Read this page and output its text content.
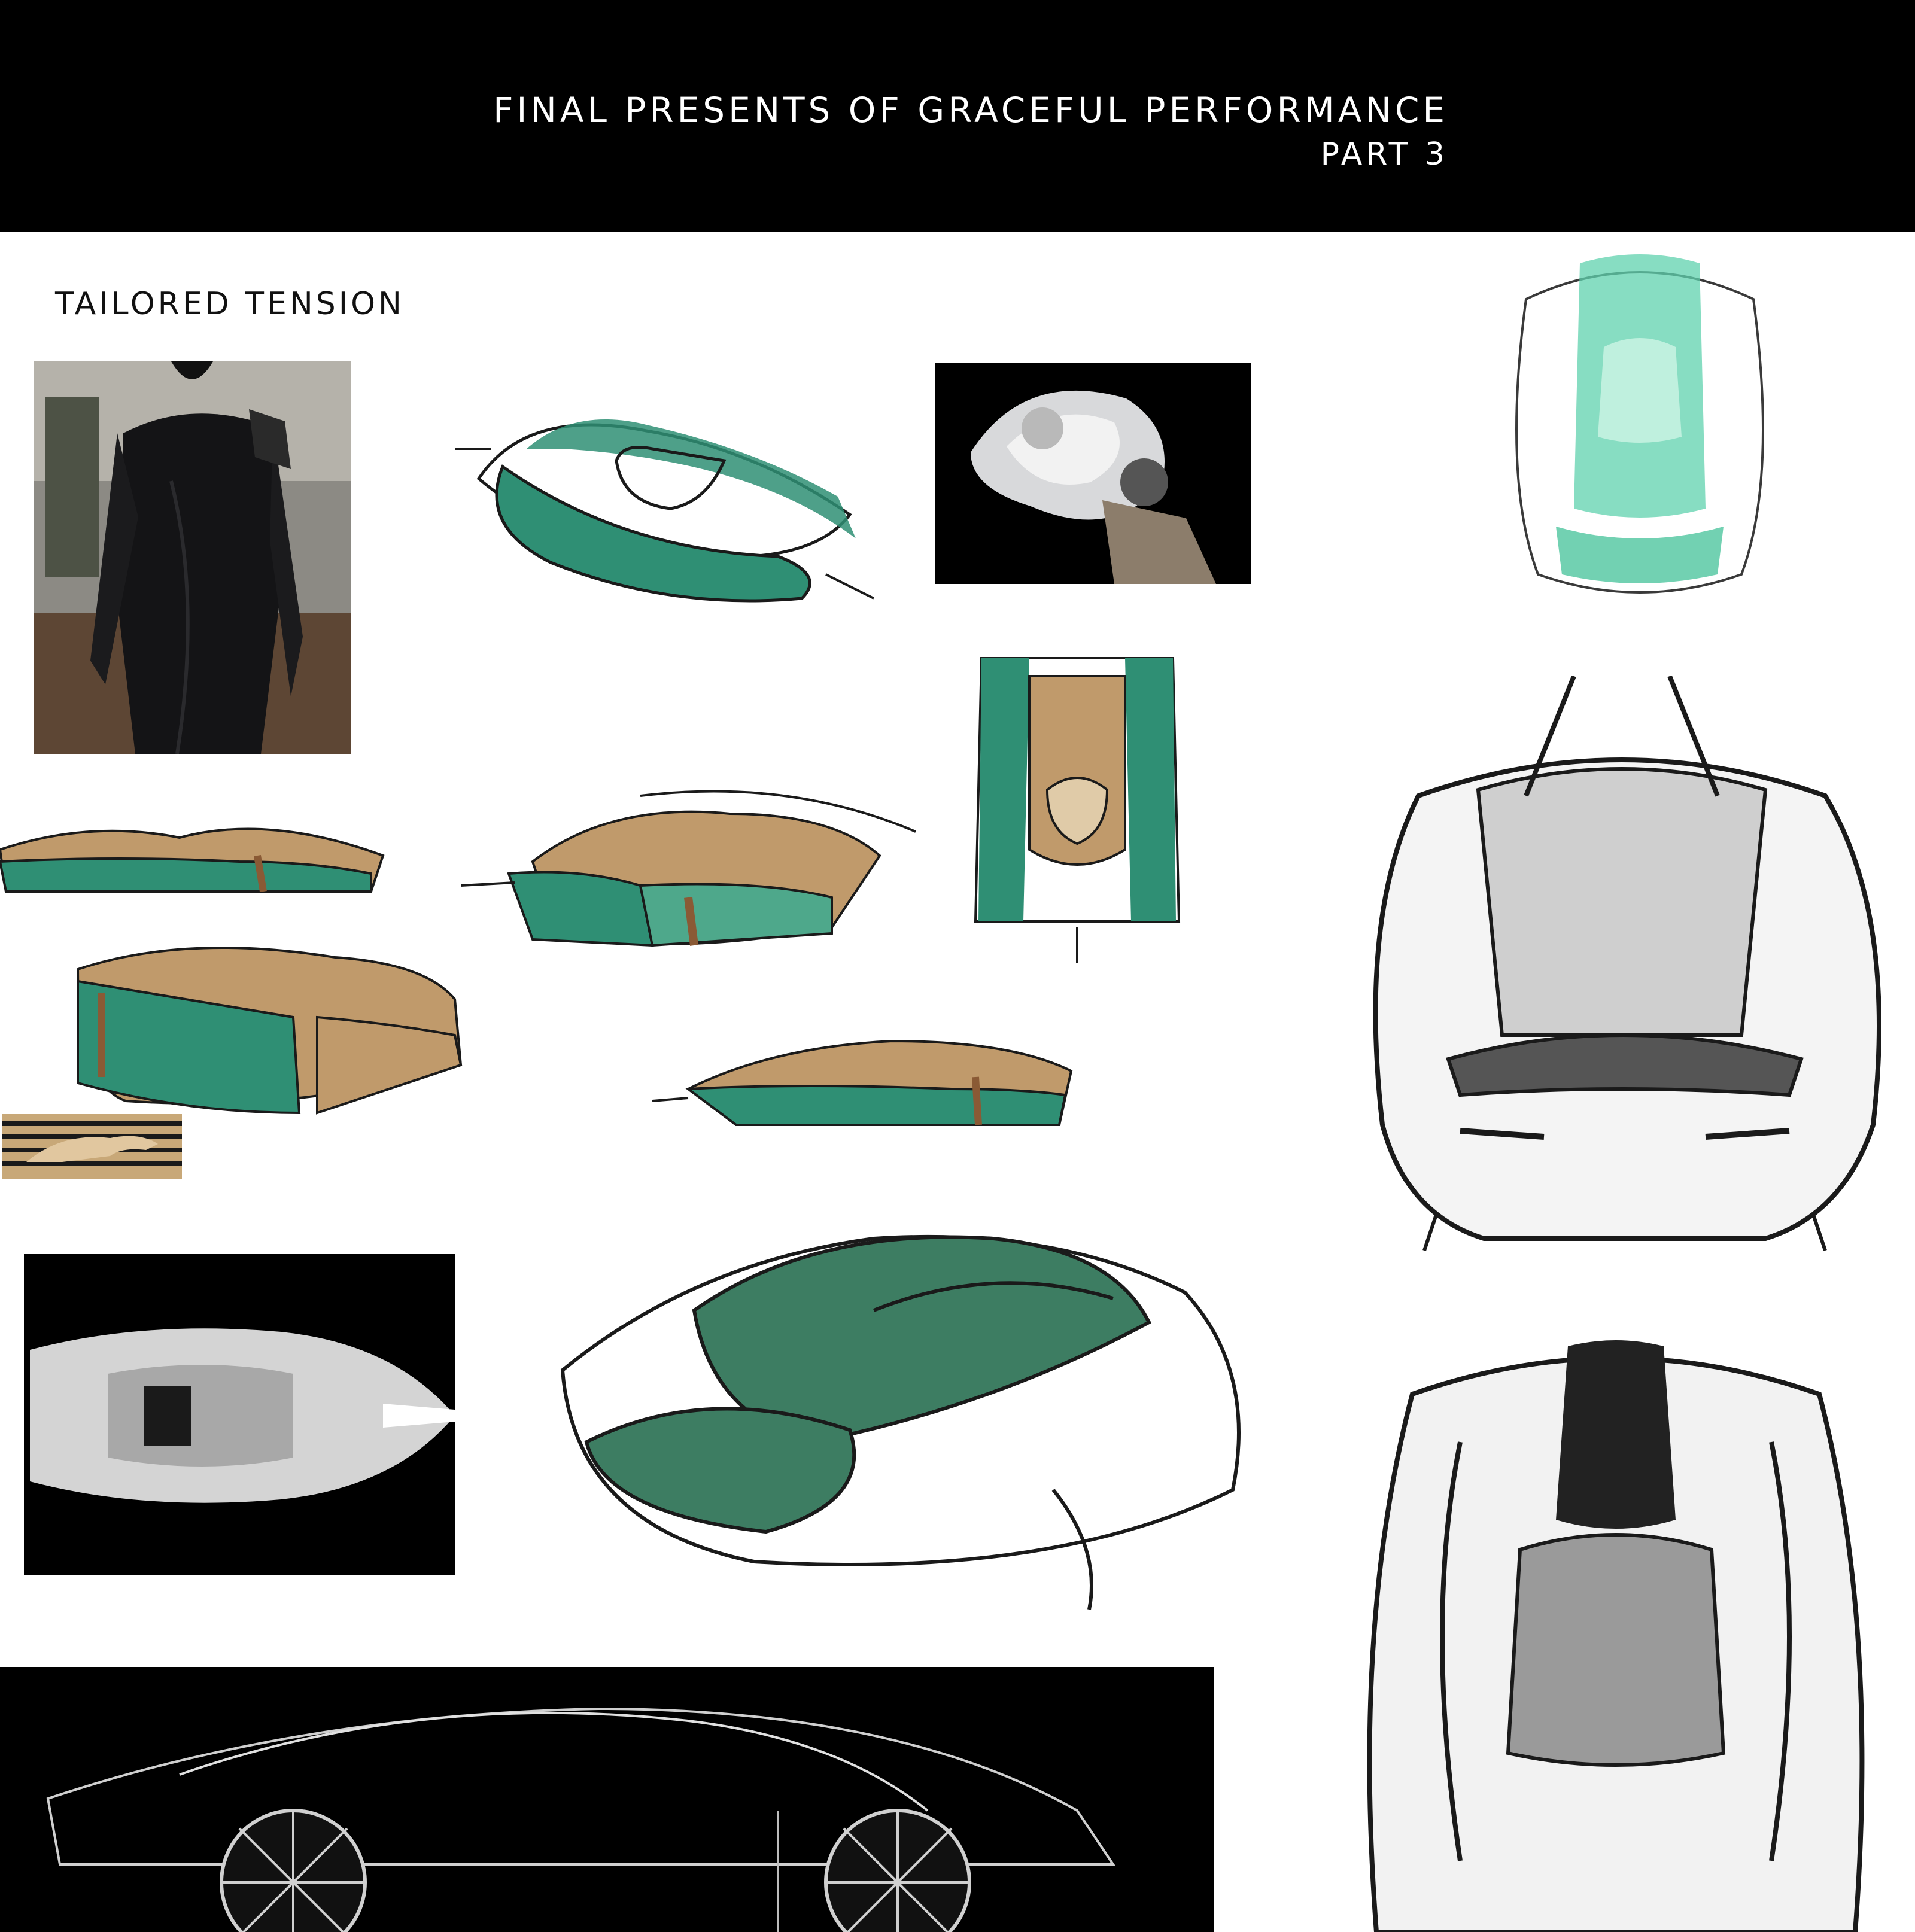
FINAL PRESENTS OF GRACEFUL PERFORMANCE
PART 3
TAILORED TENSION
